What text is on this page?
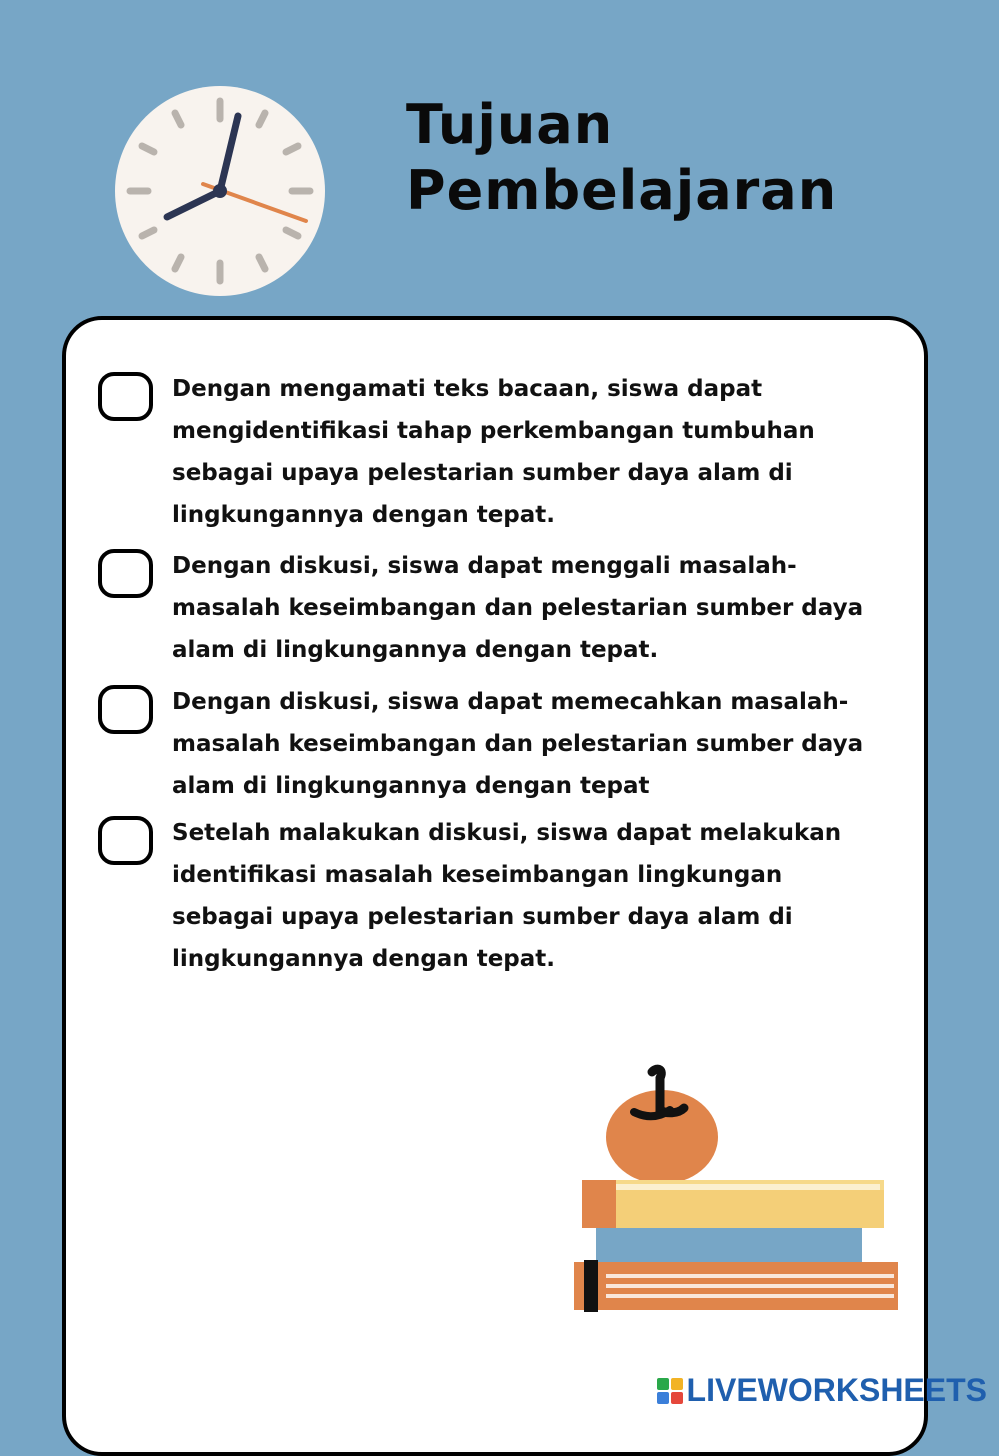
Tujuan
Pembelajaran
Dengan mengamati teks bacaan, siswa dapat
mengidentifikasi tahap perkembangan tumbuhan
sebagai upaya pelestarian sumber daya alam di
lingkungannya dengan tepat.
Dengan diskusi, siswa dapat menggali masalah-
masalah keseimbangan dan pelestarian sumber daya
alam di lingkungannya dengan tepat.
Dengan diskusi, siswa dapat memecahkan masalah-
masalah keseimbangan dan pelestarian sumber daya
alam di lingkungannya dengan tepat
Setelah malakukan diskusi, siswa dapat melakukan
identifikasi masalah keseimbangan lingkungan
sebagai upaya pelestarian sumber daya alam di
lingkungannya dengan tepat.
LIVEWORKSHEETS
